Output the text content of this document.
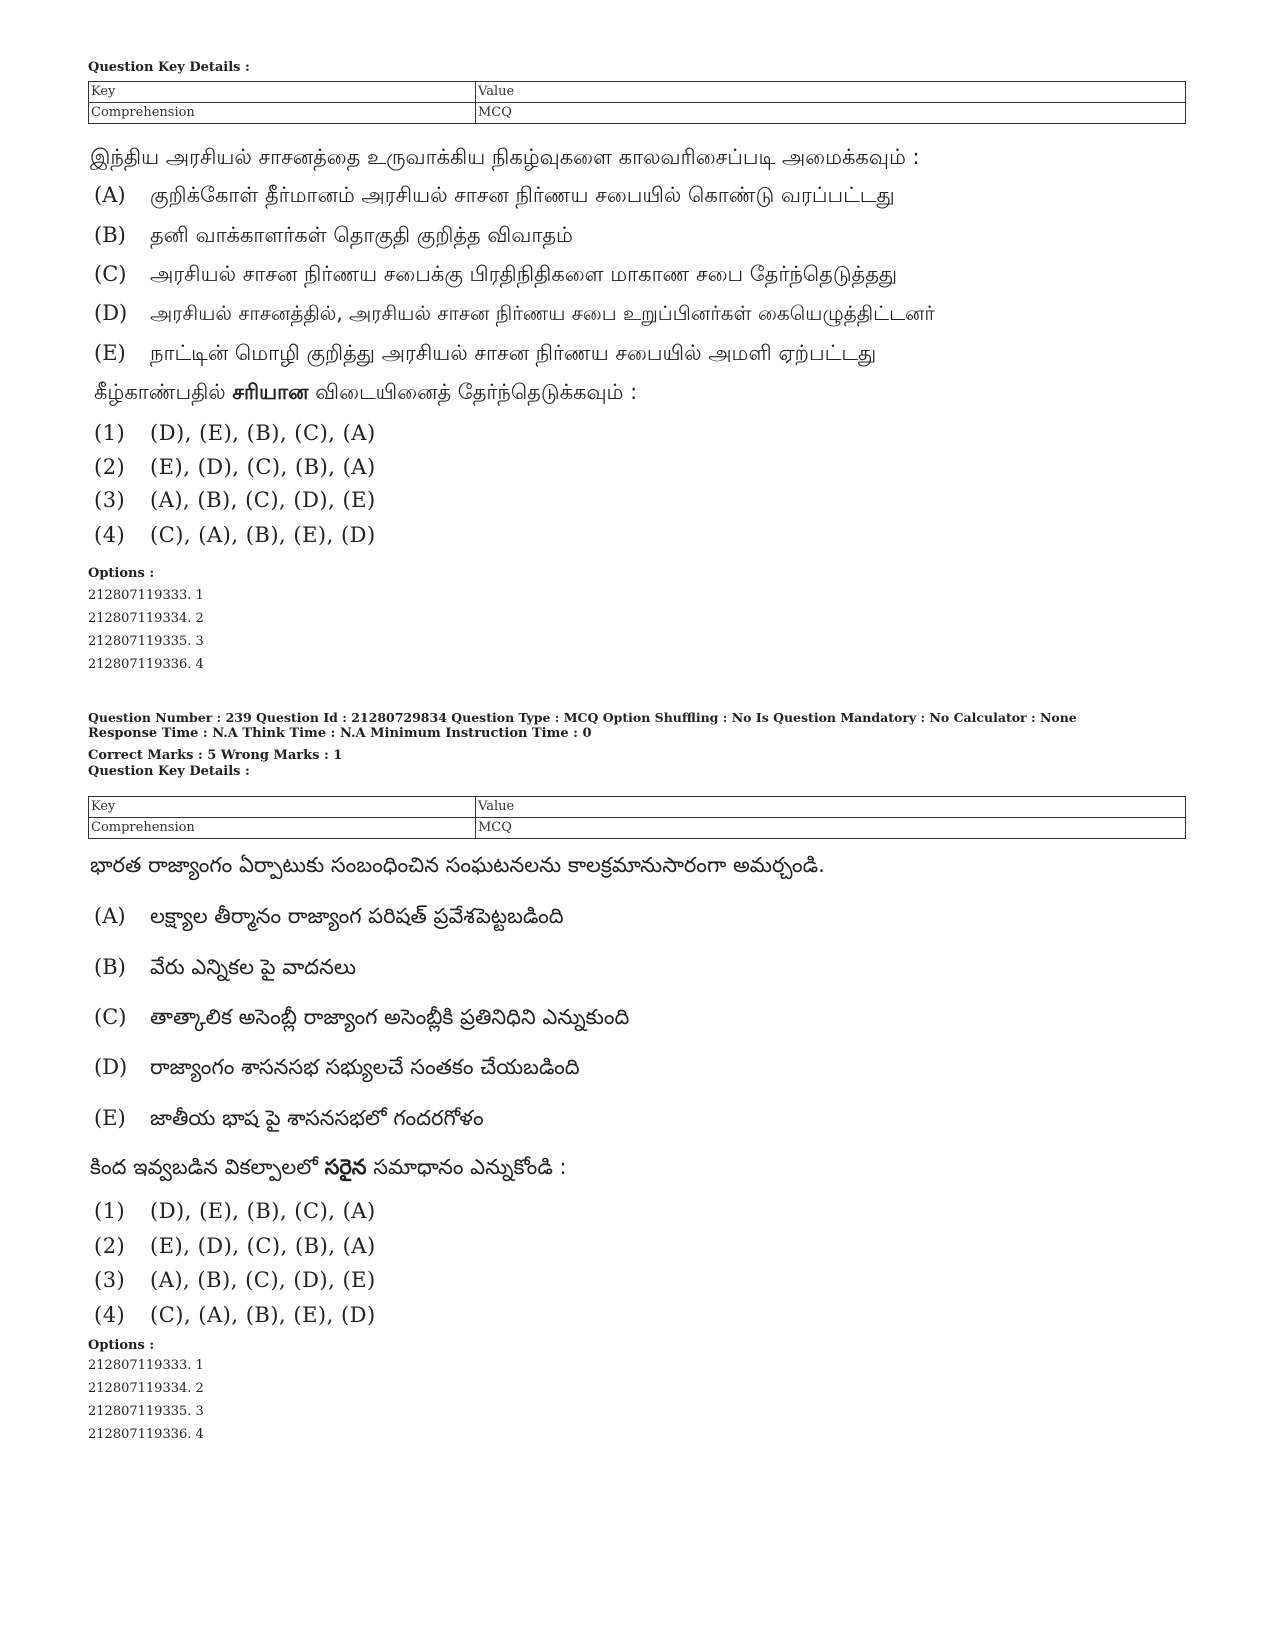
Question Key Details :
Key	Value
Comprehension	MCQ
இந்திய அரசியல் சாசனத்தை உருவாக்கிய நிகழ்வுகளை காலவரிசைப்படி அமைக்கவும் :
(A) குறிக்கோள் தீர்மானம் அரசியல் சாசன நிர்ணய சபையில் கொண்டு வரப்பட்டது
(B) தனி வாக்காளர்கள் தொகுதி குறித்த விவாதம்
(C) அரசியல் சாசன நிர்ணய சபைக்கு பிரதிநிதிகளை மாகாண சபை தேர்ந்தெடுத்தது
(D) அரசியல் சாசனத்தில், அரசியல் சாசன நிர்ணய சபை உறுப்பினர்கள் கையெழுத்திட்டனர்
(E) நாட்டின் மொழி குறித்து அரசியல் சாசன நிர்ணய சபையில் அமளி ஏற்பட்டது
கீழ்காண்பதில் சரியான விடையினைத் தேர்ந்தெடுக்கவும் :
(1) (D), (E), (B), (C), (A)
(2) (E), (D), (C), (B), (A)
(3) (A), (B), (C), (D), (E)
(4) (C), (A), (B), (E), (D)
Options :
212807119333. 1
212807119334. 2
212807119335. 3
212807119336. 4
Question Number : 239 Question Id : 21280729834 Question Type : MCQ Option Shuffling : No Is Question Mandatory : No Calculator : None
Response Time : N.A Think Time : N.A Minimum Instruction Time : 0
Correct Marks : 5 Wrong Marks : 1
Question Key Details :
Key	Value
Comprehension	MCQ
భారత రాజ్యాంగం ఏర్పాటుకు సంబంధించిన సంఘటనలను కాలక్రమానుసారంగా అమర్చండి.
(A) లక్ష్యాల తీర్మానం రాజ్యాంగ పరిషత్ ప్రవేశపెట్టబడింది
(B) వేరు ఎన్నికల పై వాదనలు
(C) తాత్కాలిక అసెంబ్లీ రాజ్యాంగ అసెంబ్లీకి ప్రతినిధిని ఎన్నుకుంది
(D) రాజ్యాంగం శాసనసభ సభ్యులచే సంతకం చేయబడింది
(E) జాతీయ భాష పై శాసనసభలో గందరగోళం
కింద ఇవ్వబడిన వికల్పాలలో సరైన సమాధానం ఎన్నుకోండి :
(1) (D), (E), (B), (C), (A)
(2) (E), (D), (C), (B), (A)
(3) (A), (B), (C), (D), (E)
(4) (C), (A), (B), (E), (D)
Options :
212807119333. 1
212807119334. 2
212807119335. 3
212807119336. 4
